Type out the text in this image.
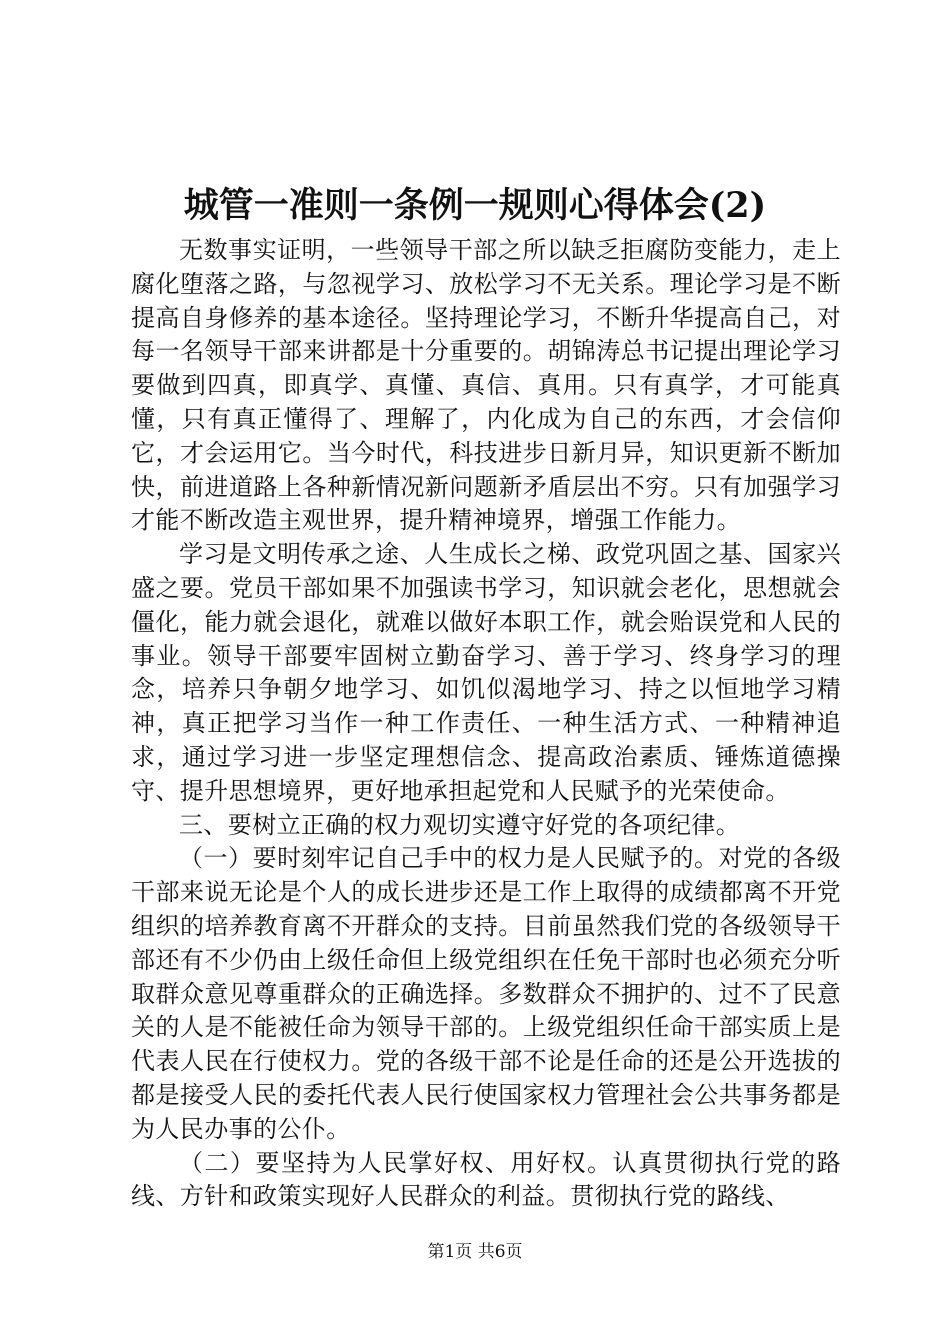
城管一准则一条例一规则心得体会(2)

无数事实证明，一些领导干部之所以缺乏拒腐防变能力，走上腐化堕落之路，与忽视学习、放松学习不无关系。理论学习是不断提高自身修养的基本途径。坚持理论学习，不断升华提高自己，对每一名领导干部来讲都是十分重要的。胡锦涛总书记提出理论学习要做到四真，即真学、真懂、真信、真用。只有真学，才可能真懂，只有真正懂得了、理解了，内化成为自己的东西，才会信仰它，才会运用它。当今时代，科技进步日新月异，知识更新不断加快，前进道路上各种新情况新问题新矛盾层出不穷。只有加强学习才能不断改造主观世界，提升精神境界，增强工作能力。

学习是文明传承之途、人生成长之梯、政党巩固之基、国家兴盛之要。党员干部如果不加强读书学习，知识就会老化，思想就会僵化，能力就会退化，就难以做好本职工作，就会贻误党和人民的事业。领导干部要牢固树立勤奋学习、善于学习、终身学习的理念，培养只争朝夕地学习、如饥似渴地学习、持之以恒地学习精神，真正把学习当作一种工作责任、一种生活方式、一种精神追求，通过学习进一步坚定理想信念、提高政治素质、锤炼道德操守、提升思想境界，更好地承担起党和人民赋予的光荣使命。

三、要树立正确的权力观切实遵守好党的各项纪律。

（一）要时刻牢记自己手中的权力是人民赋予的。对党的各级干部来说无论是个人的成长进步还是工作上取得的成绩都离不开党组织的培养教育离不开群众的支持。目前虽然我们党的各级领导干部还有不少仍由上级任命但上级党组织在任免干部时也必须充分听取群众意见尊重群众的正确选择。多数群众不拥护的、过不了民意关的人是不能被任命为领导干部的。上级党组织任命干部实质上是代表人民在行使权力。党的各级干部不论是任命的还是公开选拔的都是接受人民的委托代表人民行使国家权力管理社会公共事务都是为人民办事的公仆。

（二）要坚持为人民掌好权、用好权。认真贯彻执行党的路线、方针和政策实现好人民群众的利益。贯彻执行党的路线、

第1页 共6页
